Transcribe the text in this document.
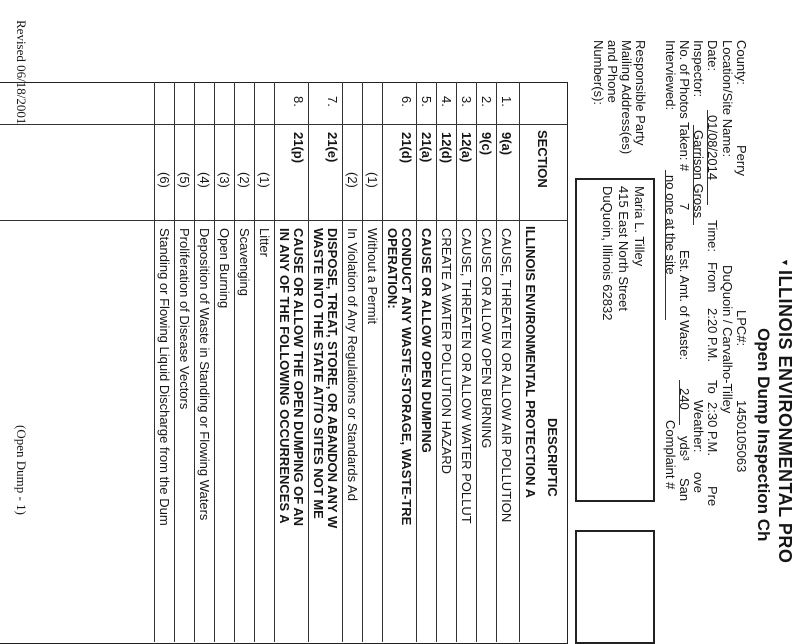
▼
ILLINOIS ENVIRONMENTAL PRO
Open Dump Inspection Ch
County:
Perry
LPC#:
1450105063
Location/Site Name:
DuQuoin / Carvalho-Tilley
Date:
01/08/2014
Time:
From
2:20 P.M.
To
2:30 P.M.
Pre
Inspector:
Garrison Gross
Weather:
ove
No. of Photos Taken: #
7
Est. Amt. of Waste:
240
yds³
San
Interviewed:
no one at the site
Complaint #
Responsible Party
Mailing Address(es)
and Phone
Number(s):
Maria L. Tilley
415 East North Street
DuQuoin, Illinois 62832
SECTION
DESCRIPTIC
ILLINOIS ENVIRONMENTAL PROTECTION A
1.
9(a)
CAUSE, THREATEN OR ALLOW AIR POLLUTION
2.
9(c)
CAUSE OR ALLOW OPEN BURNING
3.
12(a)
CAUSE, THREATEN OR ALLOW WATER POLLUT
4.
12(d)
CREATE A WATER POLLUTION HAZARD
5.
21(a)
CAUSE OR ALLOW OPEN DUMPING
6.
21(d)
CONDUCT ANY WASTE-STORAGE, WASTE-TRE
OPERATION:
(1)
Without a Permit
(2)
In Violation of Any Regulations or Standards Ad
7.
21(e)
DISPOSE, TREAT, STORE, OR ABANDON ANY W
WASTE INTO THE STATE AT/TO SITES NOT ME
8.
21(p)
CAUSE OR ALLOW THE OPEN DUMPING OF AN
IN ANY OF THE FOLLOWING OCCURRENCES A
(1)
Litter
(2)
Scavenging
(3)
Open Burning
(4)
Deposition of Waste in Standing or Flowing Waters
(5)
Proliferation of Disease Vectors
(6)
Standing or Flowing Liquid Discharge from the Dum
Revised 06/18/2001
(Open Dump - 1)
